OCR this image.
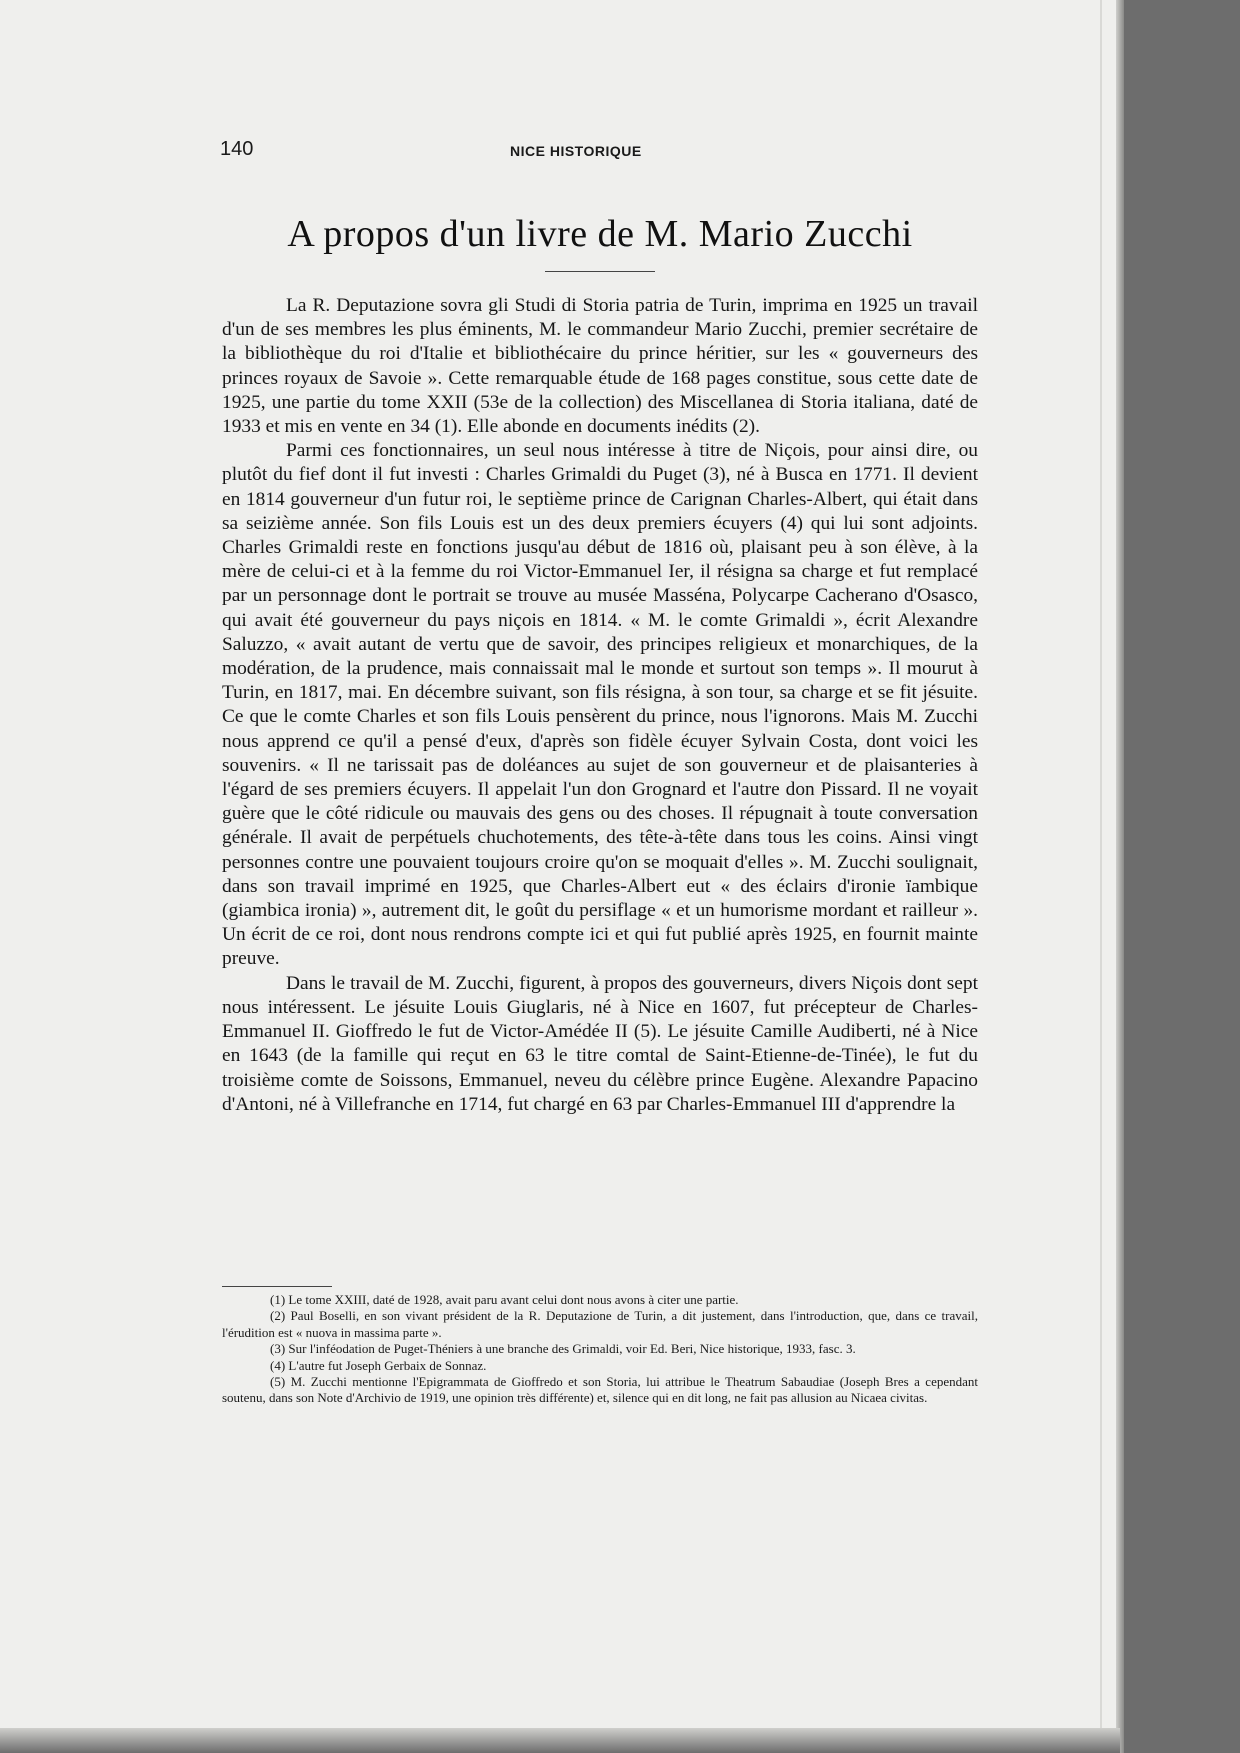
140	NICE HISTORIQUE
A propos d'un livre de M. Mario Zucchi

La R. Deputazione sovra gli Studi di Storia patria de Turin, imprima en 1925 un travail d'un de ses membres les plus éminents, M. le commandeur Mario Zucchi, premier secrétaire de la bibliothèque du roi d'Italie et bibliothécaire du prince héritier, sur les « gouverneurs des princes royaux de Savoie ». Cette remarquable étude de 168 pages constitue, sous cette date de 1925, une partie du tome XXII (53e de la collection) des Miscellanea di Storia italiana, daté de 1933 et mis en vente en 34 (1). Elle abonde en documents inédits (2).

Parmi ces fonctionnaires, un seul nous intéresse à titre de Niçois, pour ainsi dire, ou plutôt du fief dont il fut investi : Charles Grimaldi du Puget (3), né à Busca en 1771. Il devient en 1814 gouverneur d'un futur roi, le septième prince de Carignan Charles-Albert, qui était dans sa seizième année. Son fils Louis est un des deux premiers écuyers (4) qui lui sont adjoints. Charles Grimaldi reste en fonctions jusqu'au début de 1816 où, plaisant peu à son élève, à la mère de celui-ci et à la femme du roi Victor-Emmanuel Ier, il résigna sa charge et fut remplacé par un personnage dont le portrait se trouve au musée Masséna, Polycarpe Cacherano d'Osasco, qui avait été gouverneur du pays niçois en 1814. « M. le comte Grimaldi », écrit Alexandre Saluzzo, « avait autant de vertu que de savoir, des principes religieux et monarchiques, de la modération, de la prudence, mais connaissait mal le monde et surtout son temps ». Il mourut à Turin, en 1817, mai. En décembre suivant, son fils résigna, à son tour, sa charge et se fit jésuite. Ce que le comte Charles et son fils Louis pensèrent du prince, nous l'ignorons. Mais M. Zucchi nous apprend ce qu'il a pensé d'eux, d'après son fidèle écuyer Sylvain Costa, dont voici les souvenirs. « Il ne tarissait pas de doléances au sujet de son gouverneur et de plaisanteries à l'égard de ses premiers écuyers. Il appelait l'un don Grognard et l'autre don Pissard. Il ne voyait guère que le côté ridicule ou mauvais des gens ou des choses. Il répugnait à toute conversation générale. Il avait de perpétuels chuchotements, des tête-à-tête dans tous les coins. Ainsi vingt personnes contre une pouvaient toujours croire qu'on se moquait d'elles ». M. Zucchi soulignait, dans son travail imprimé en 1925, que Charles-Albert eut « des éclairs d'ironie ïambique (giambica ironia) », autrement dit, le goût du persiflage « et un humorisme mordant et railleur ». Un écrit de ce roi, dont nous rendrons compte ici et qui fut publié après 1925, en fournit mainte preuve.

Dans le travail de M. Zucchi, figurent, à propos des gouverneurs, divers Niçois dont sept nous intéressent. Le jésuite Louis Giuglaris, né à Nice en 1607, fut précepteur de Charles-Emmanuel II. Gioffredo le fut de Victor-Amédée II (5). Le jésuite Camille Audiberti, né à Nice en 1643 (de la famille qui reçut en 63 le titre comtal de Saint-Etienne-de-Tinée), le fut du troisième comte de Soissons, Emmanuel, neveu du célèbre prince Eugène. Alexandre Papacino d'Antoni, né à Villefranche en 1714, fut chargé en 63 par Charles-Emmanuel III d'apprendre la

(1) Le tome XXIII, daté de 1928, avait paru avant celui dont nous avons à citer une partie.

(2) Paul Boselli, en son vivant président de la R. Deputazione de Turin, a dit justement, dans l'introduction, que, dans ce travail, l'érudition est « nuova in massima parte ».

(3) Sur l'inféodation de Puget-Théniers à une branche des Grimaldi, voir Ed. Beri, Nice historique, 1933, fasc. 3.

(4) L'autre fut Joseph Gerbaix de Sonnaz.

(5) M. Zucchi mentionne l'Epigrammata de Gioffredo et son Storia, lui attribue le Theatrum Sabaudiae (Joseph Bres a cependant soutenu, dans son Note d'Archivio de 1919, une opinion très différente) et, silence qui en dit long, ne fait pas allusion au Nicaea civitas.
